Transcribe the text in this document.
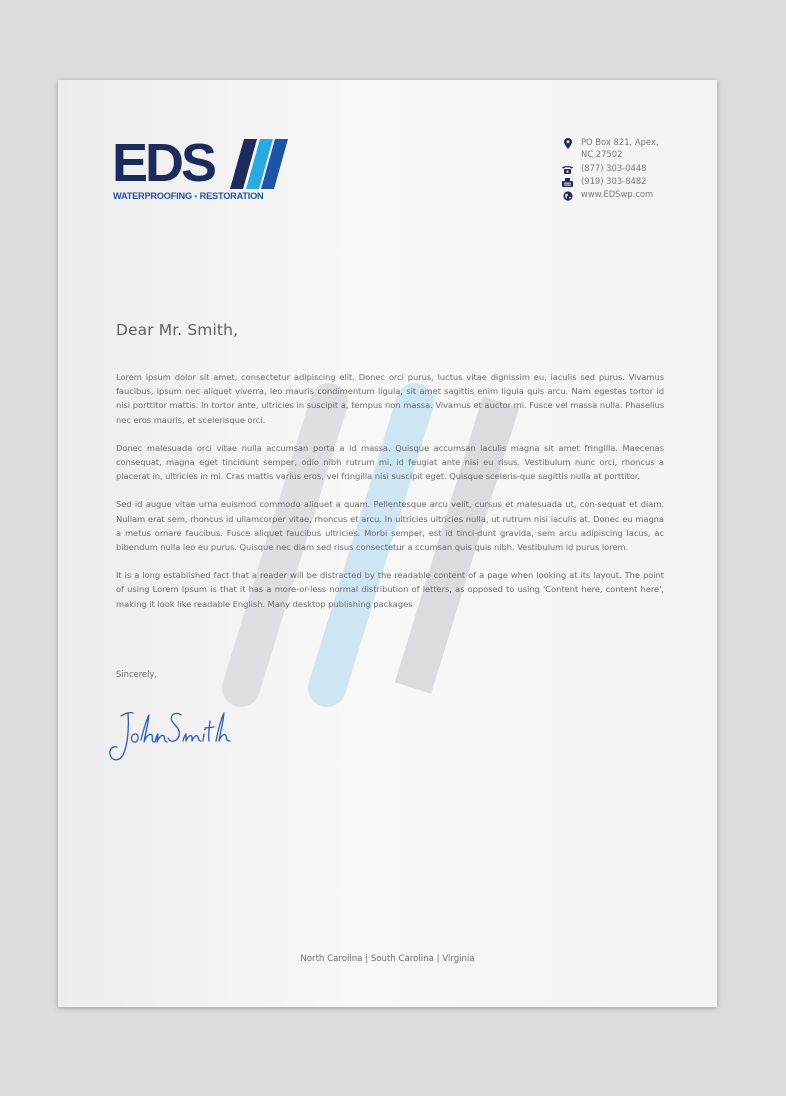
EDS
WATERPROOFING • RESTORATION
PO Box 821, Apex,
NC 27502
(877) 303-0448
(919) 303-8482
www.EDSwp.com
Dear Mr. Smith,

Lorem ipsum dolor sit amet, consectetur adipiscing elit. Donec orci purus, luctus vitae dignissim eu, iaculis sed purus. Vivamus faucibus, ipsum nec aliquet viverra, leo mauris condimentum ligula, sit amet sagittis enim ligula quis arcu. Nam egestas tortor id nisi porttitor mattis. In tortor ante, ultricies in suscipit a, tempus non massa. Vivamus et auctor mi. Fusce vel massa nulla. Phasellus nec eros mauris, et scelerisque orci.

Donec malesuada orci vitae nulla accumsan porta a id massa. Quisque accumsan iaculis magna sit amet fringilla. Maecenas consequat, magna eget tincidunt semper, odio nibh rutrum mi, id feugiat ante nisi eu risus. Vestibulum nunc orci, rhoncus a placerat in, ultricies in mi. Cras mattis varius eros, vel fringilla nisi suscipit eget. Quisque sceleris-que sagittis nulla at porttitor.

Sed id augue vitae urna euismod commodo aliquet a quam. Pellentesque arcu velit, cursus et malesuada ut, con-sequat et diam. Nullam erat sem, rhoncus id ullamcorper vitae, rhoncus et arcu. In ultricies ultricies nulla, ut rutrum nisi iaculis at. Donec eu magna a metus ornare faucibus. Fusce aliquet faucibus ultricies. Morbi semper, est id tinci-dunt gravida, sem arcu adipiscing lacus, ac bibendum nulla leo eu purus. Quisque nec diam sed risus consectetur a ccumsan quis quis nibh. Vestibulum id purus lorem.

It is a long established fact that a reader will be distracted by the readable content of a page when looking at its layout. The point of using Lorem Ipsum is that it has a more-or-less normal distribution of letters, as opposed to using 'Content here, content here', making it look like readable English. Many desktop publishing packages

Sincerely,
North Carolina | South Carolina | Virginia
